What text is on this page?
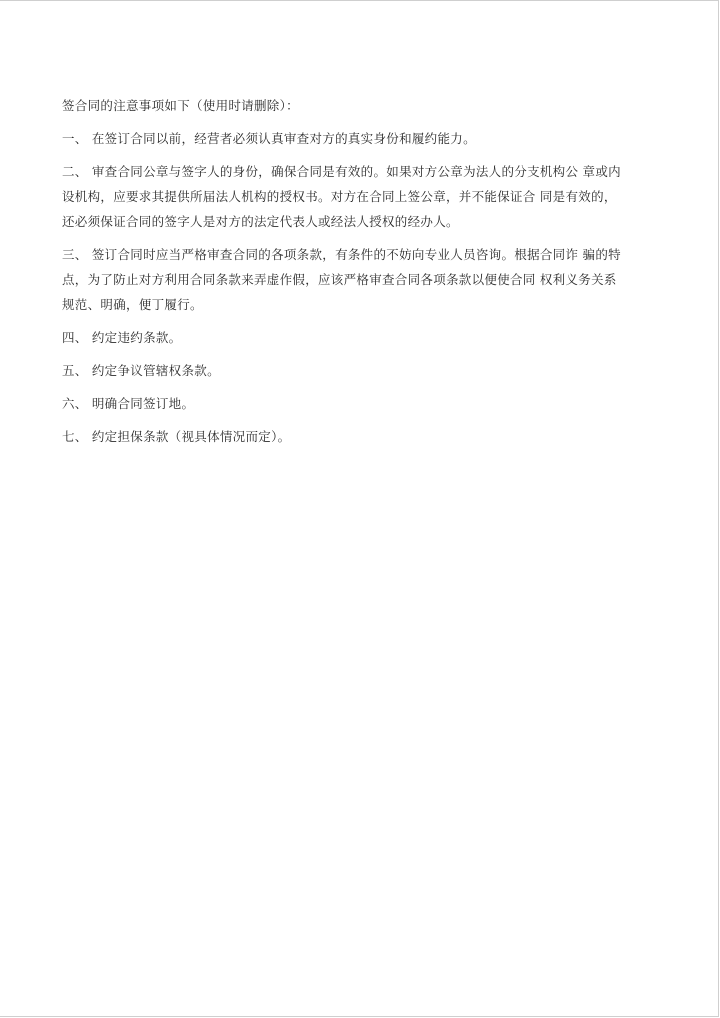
签合同的注意事项如下（使用时请删除）：

一、 在签订合同以前，经营者必须认真审查对方的真实身份和履约能力。

二、 审查合同公章与签字人的身份，确保合同是有效的。如果对方公章为法人的分支机构公 章或内
设机构，应要求其提供所届法人机构的授权书。对方在合同上签公章，并不能保证合 同是有效的，
还必须保证合同的签字人是对方的法定代表人或经法人授权的经办人。

三、 签订合同时应当严格审查合同的各项条款，有条件的不妨向专业人员咨询。根据合同诈 骗的特
点，为了防止对方利用合同条款来弄虚作假，应该严格审查合同各项条款以便使合同 权利义务关系
规范、明确，便丁履行。

四、 约定违约条款。

五、 约定争议管辖权条款。

六、 明确合同签订地。

七、 约定担保条款（视具体情况而定）。
